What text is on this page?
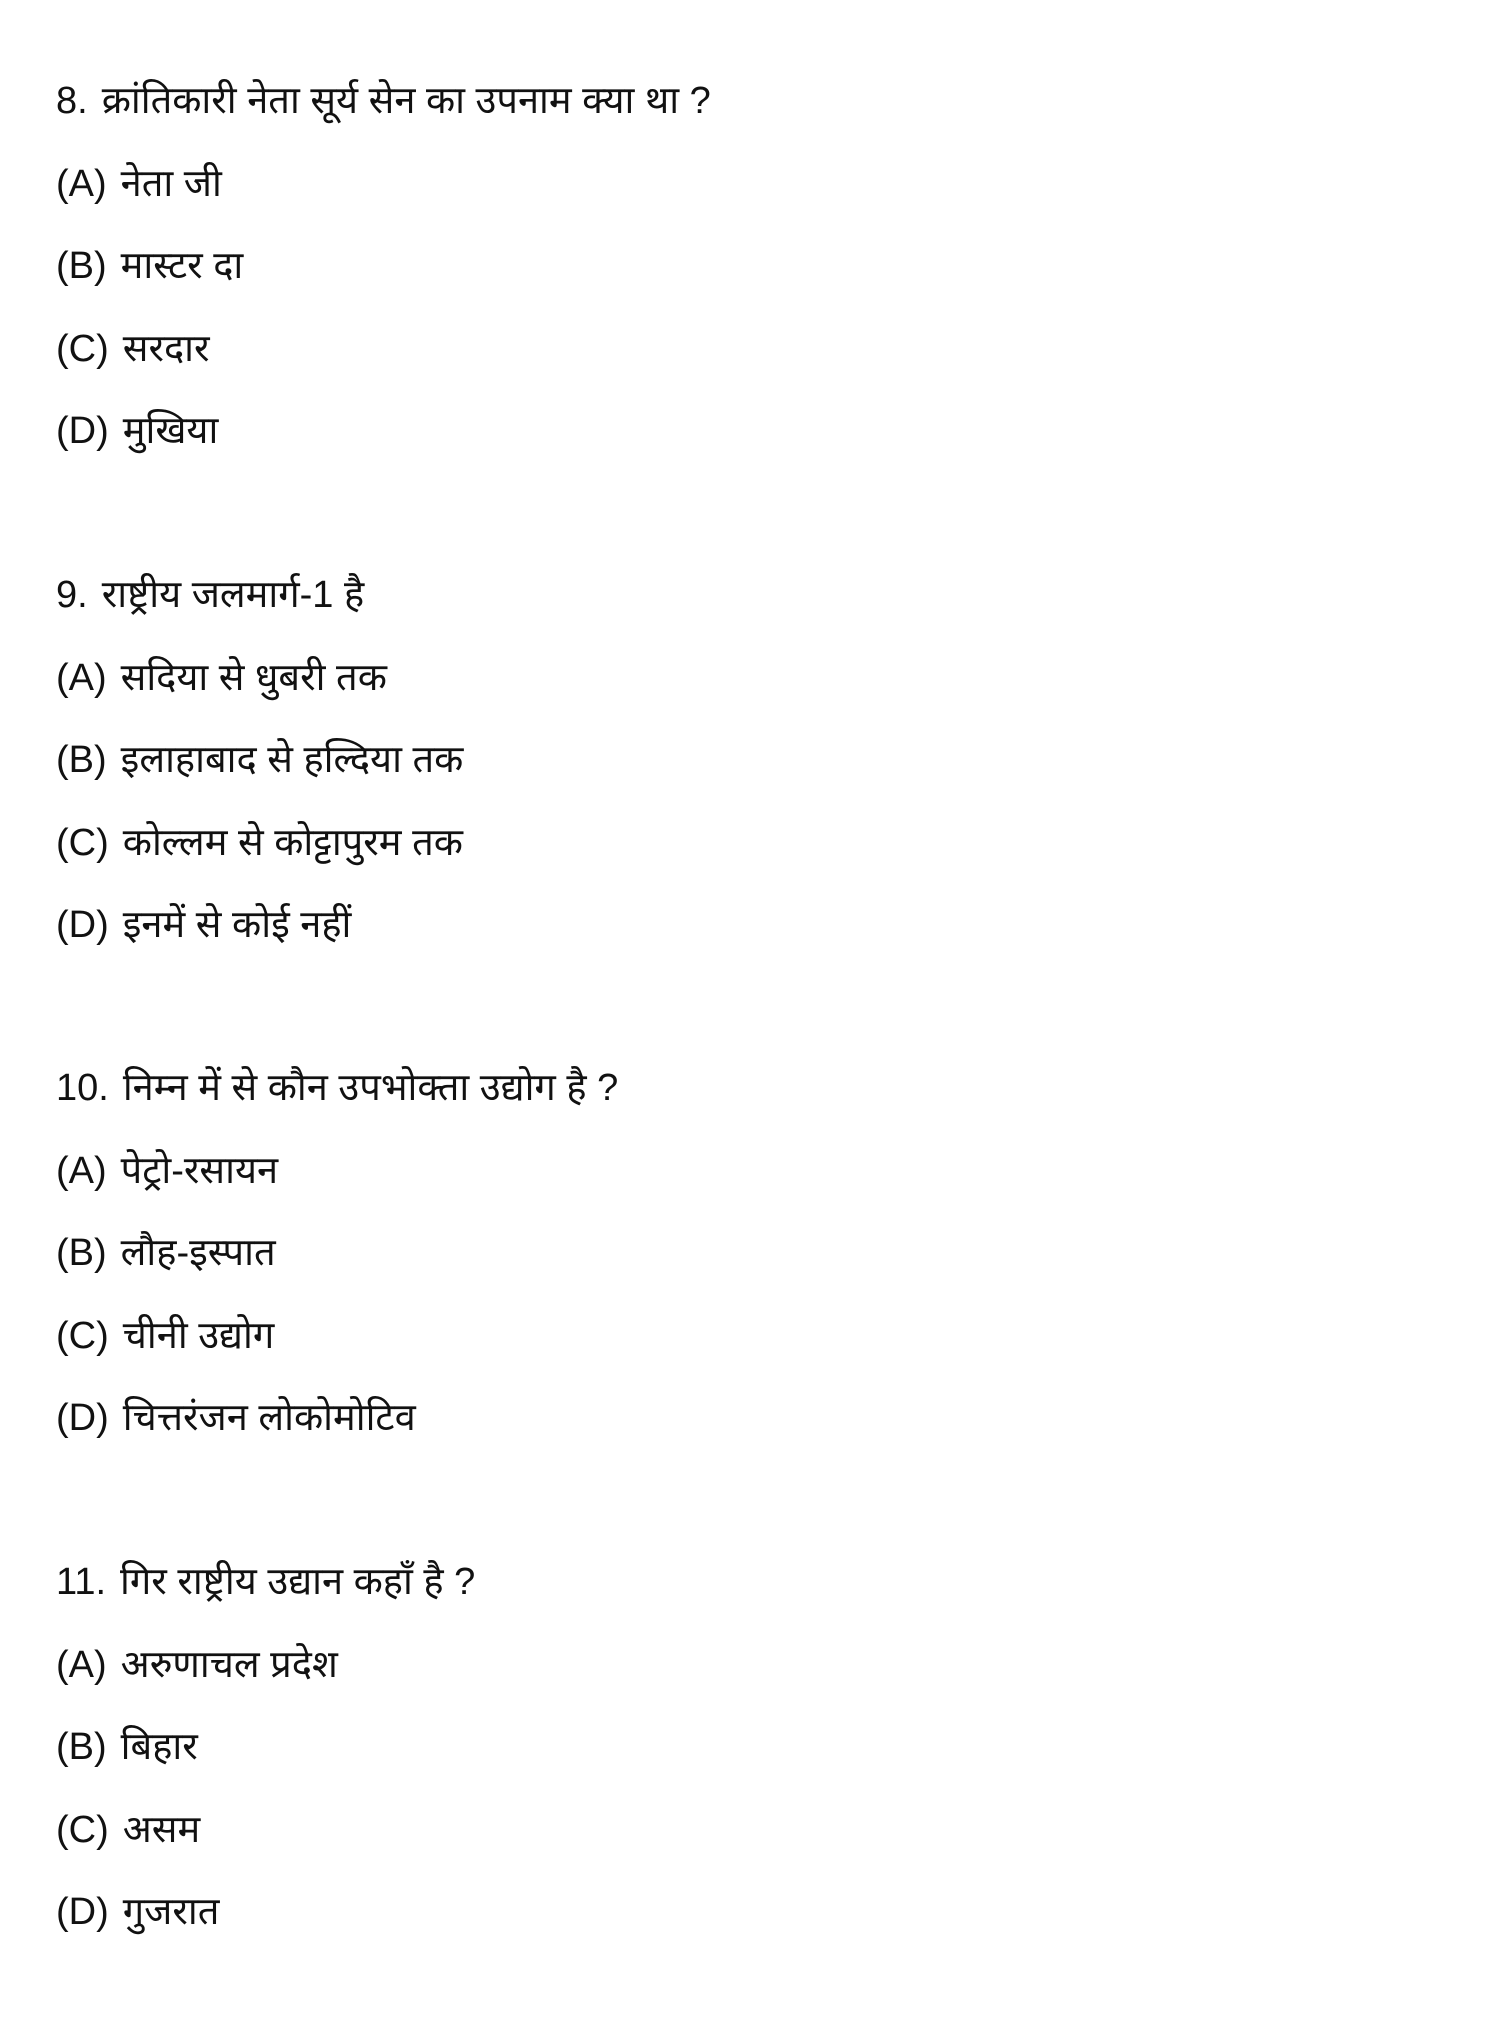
8. क्रांतिकारी नेता सूर्य सेन का उपनाम क्या था ?
(A) नेता जी
(B) मास्टर दा
(C) सरदार
(D) मुखिया
9. राष्ट्रीय जलमार्ग-1 है
(A) सदिया से धुबरी तक
(B) इलाहाबाद से हल्दिया तक
(C) कोल्लम से कोट्टापुरम तक
(D) इनमें से कोई नहीं
10. निम्न में से कौन उपभोक्ता उद्योग है ?
(A) पेट्रो-रसायन
(B) लौह-इस्पात
(C) चीनी उद्योग
(D) चित्तरंजन लोकोमोटिव
11. गिर राष्ट्रीय उद्यान कहाँ है ?
(A) अरुणाचल प्रदेश
(B) बिहार
(C) असम
(D) गुजरात
